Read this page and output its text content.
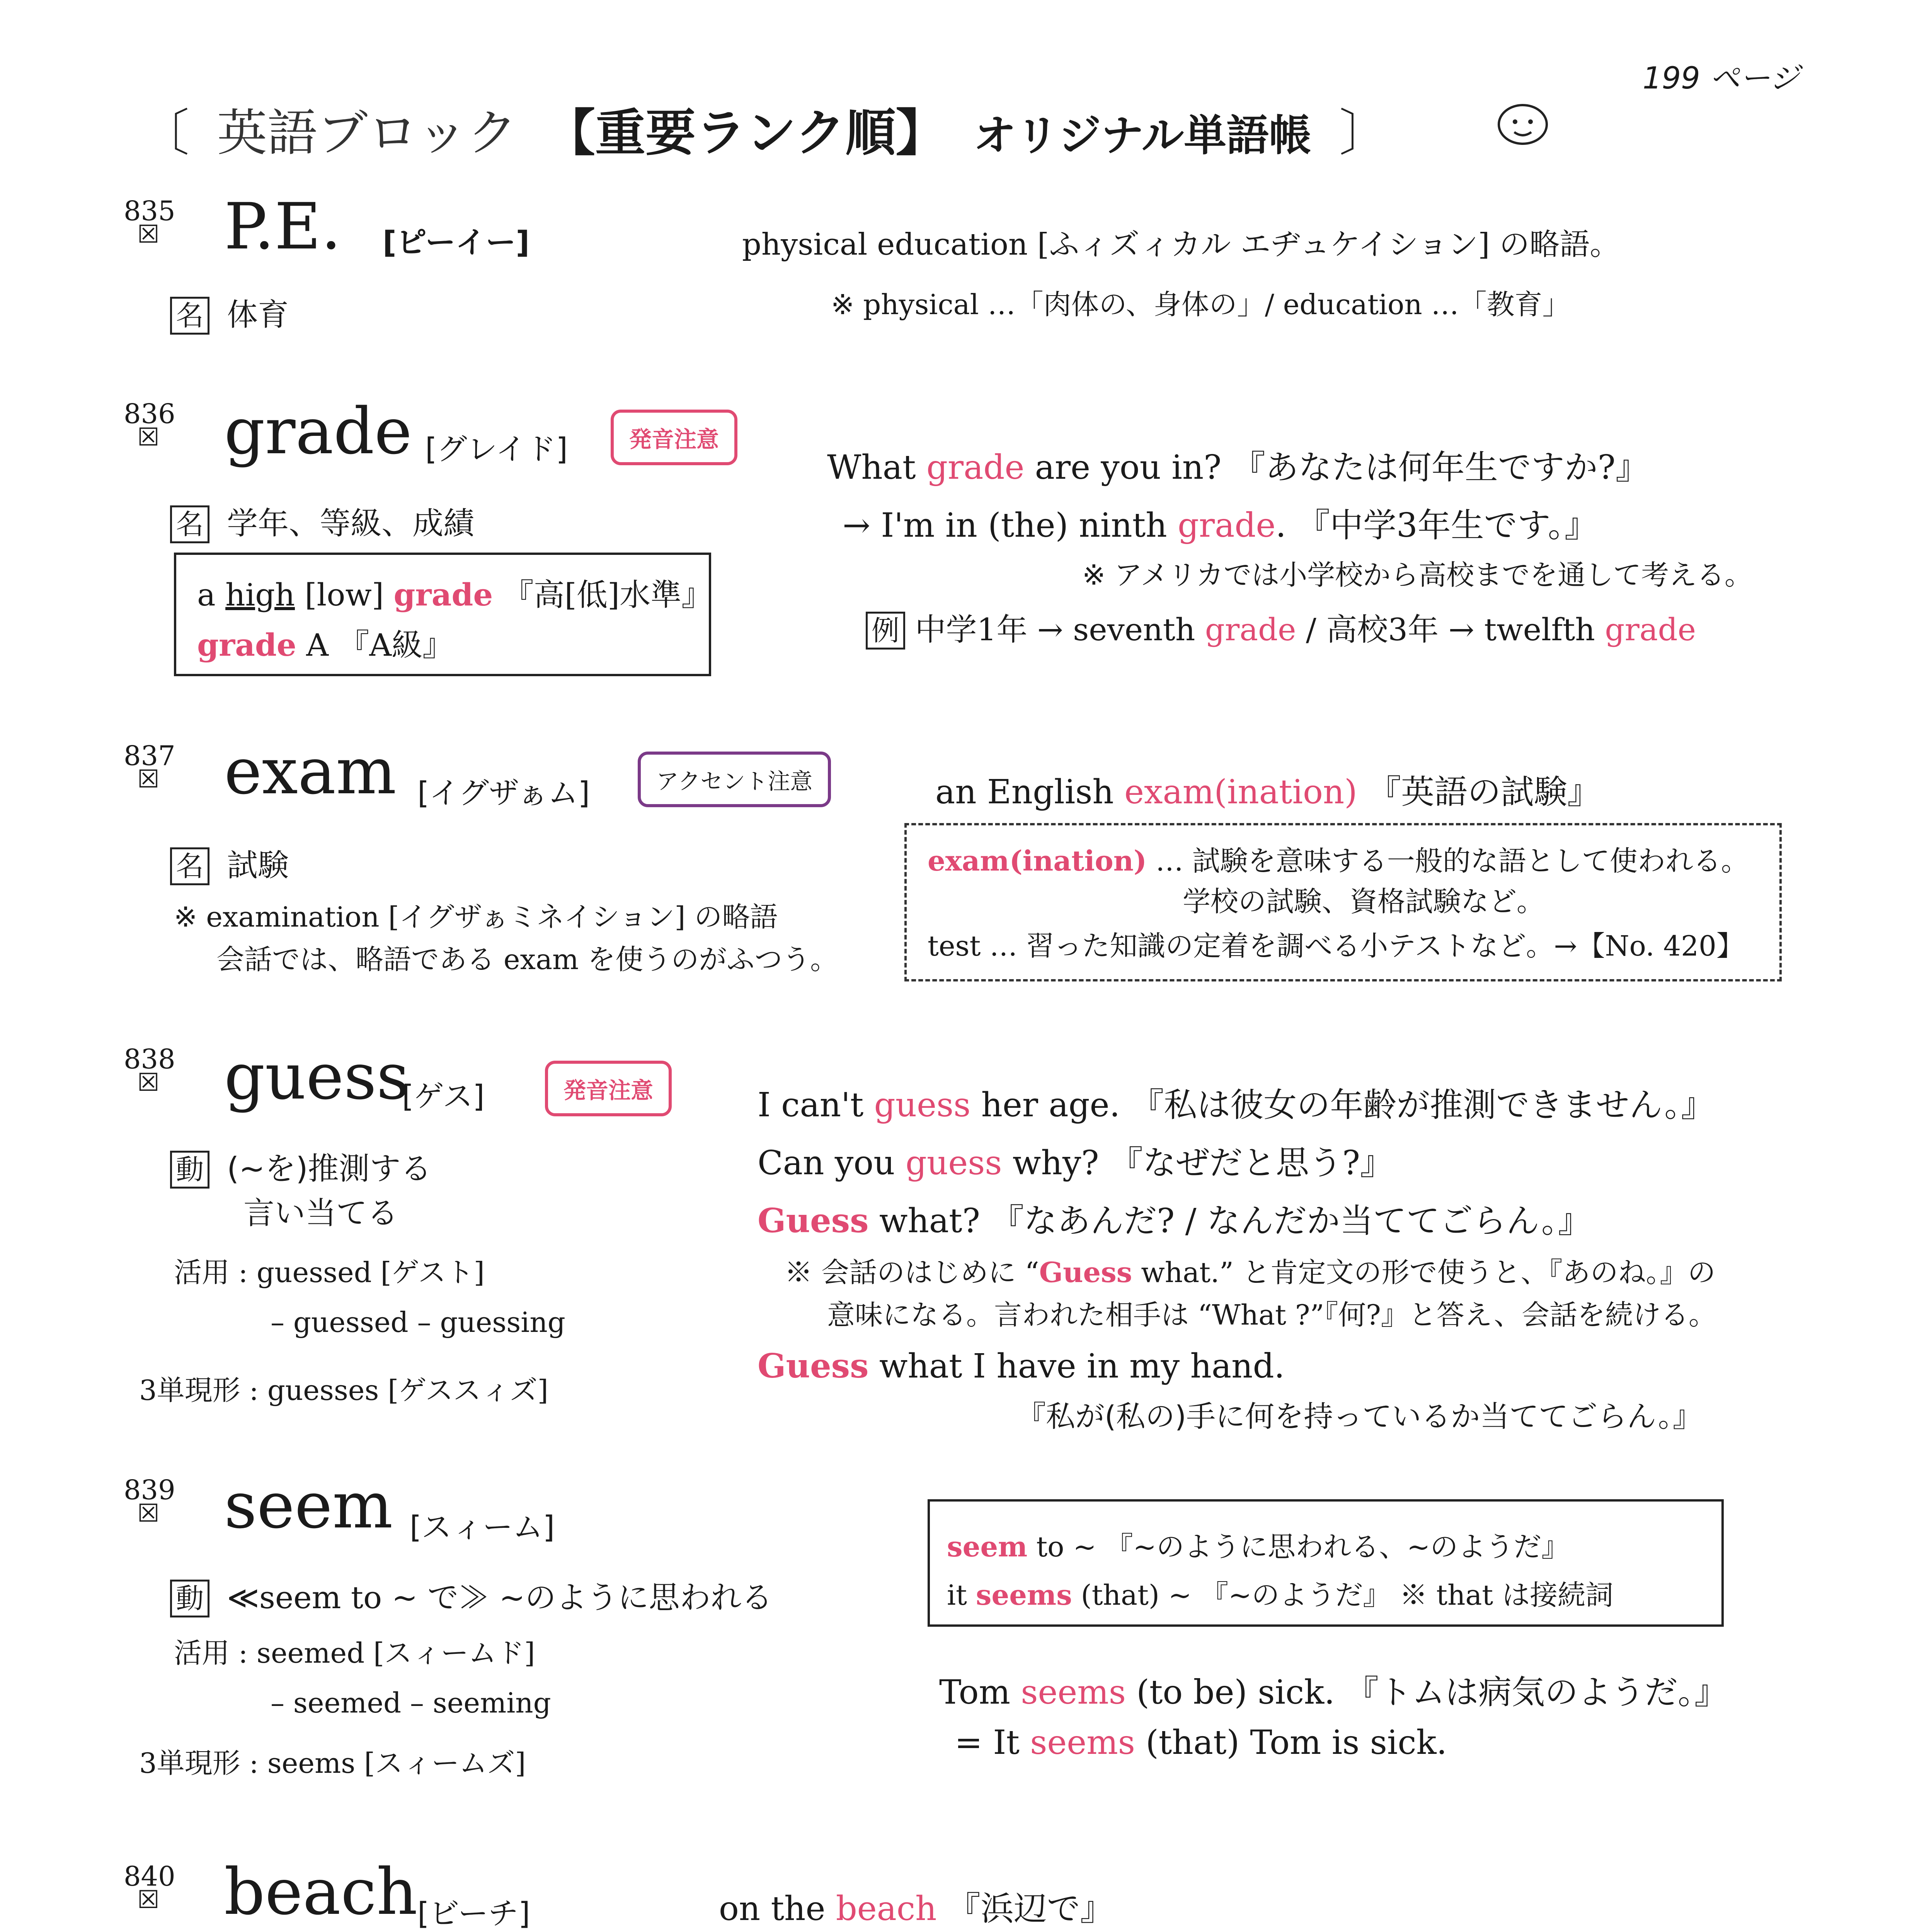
199 ページ
〔 英語ブロック 【重要ランク順】 オリジナル単語帳 〕
835
☒ P.E. [ピーイー]
名 体育
physical education [ふィズィカル エヂュケイション] の略語。
※ physical …「肉体の、身体の」/ education …「教育」
836
☒ grade [グレイド]	発音注意
名 学年、等級、成績
a high [low] grade 『高[低]水準』
grade A 『A級』
What grade are you in? 『あなたは何年生ですか?』
→ I'm in (the) ninth grade. 『中学3年生です。』
※ アメリカでは小学校から高校までを通して考える。
例 中学1年 → seventh grade / 高校3年 → twelfth grade
837
☒ exam [イグザぁム]	アクセント注意
名 試験
※ examination [イグザぁミネイション] の略語
会話では、略語である exam を使うのがふつう。
an English exam(ination) 『英語の試験』
exam(ination) … 試験を意味する一般的な語として使われる。
学校の試験、資格試験など。
test … 習った知識の定着を調べる小テストなど。→【No. 420】
838
☒ guess
[ゲス]	発音注意
動 (~を)推測する
言い当てる
活用 : guessed [ゲスト]
– guessed – guessing
3単現形 : guesses [ゲススィズ]
I can't guess her age. 『私は彼女の年齢が推測できません。』
Can you guess why? 『なぜだと思う?』
Guess what? 『なあんだ? / なんだか当ててごらん。』
※ 会話のはじめに “Guess what.” と肯定文の形で使うと、『あのね。』の
意味になる。言われた相手は “What ?”『何?』と答え、会話を続ける。
Guess what I have in my hand.
『私が(私の)手に何を持っているか当ててごらん。』
839
☒ seem [スィーム]
動 ≪seem to ~ で≫ ~のように思われる
活用 : seemed [スィームド]
– seemed – seeming
3単現形 : seems [スィームズ]
seem to ~ 『~のように思われる、~のようだ』
it seems (that) ~ 『~のようだ』 ※ that は接続詞
Tom seems (to be) sick. 『トムは病気のようだ。』
= It seems (that) Tom is sick.
840
☒ beach [ビーチ]	on the beach 『浜辺で』
